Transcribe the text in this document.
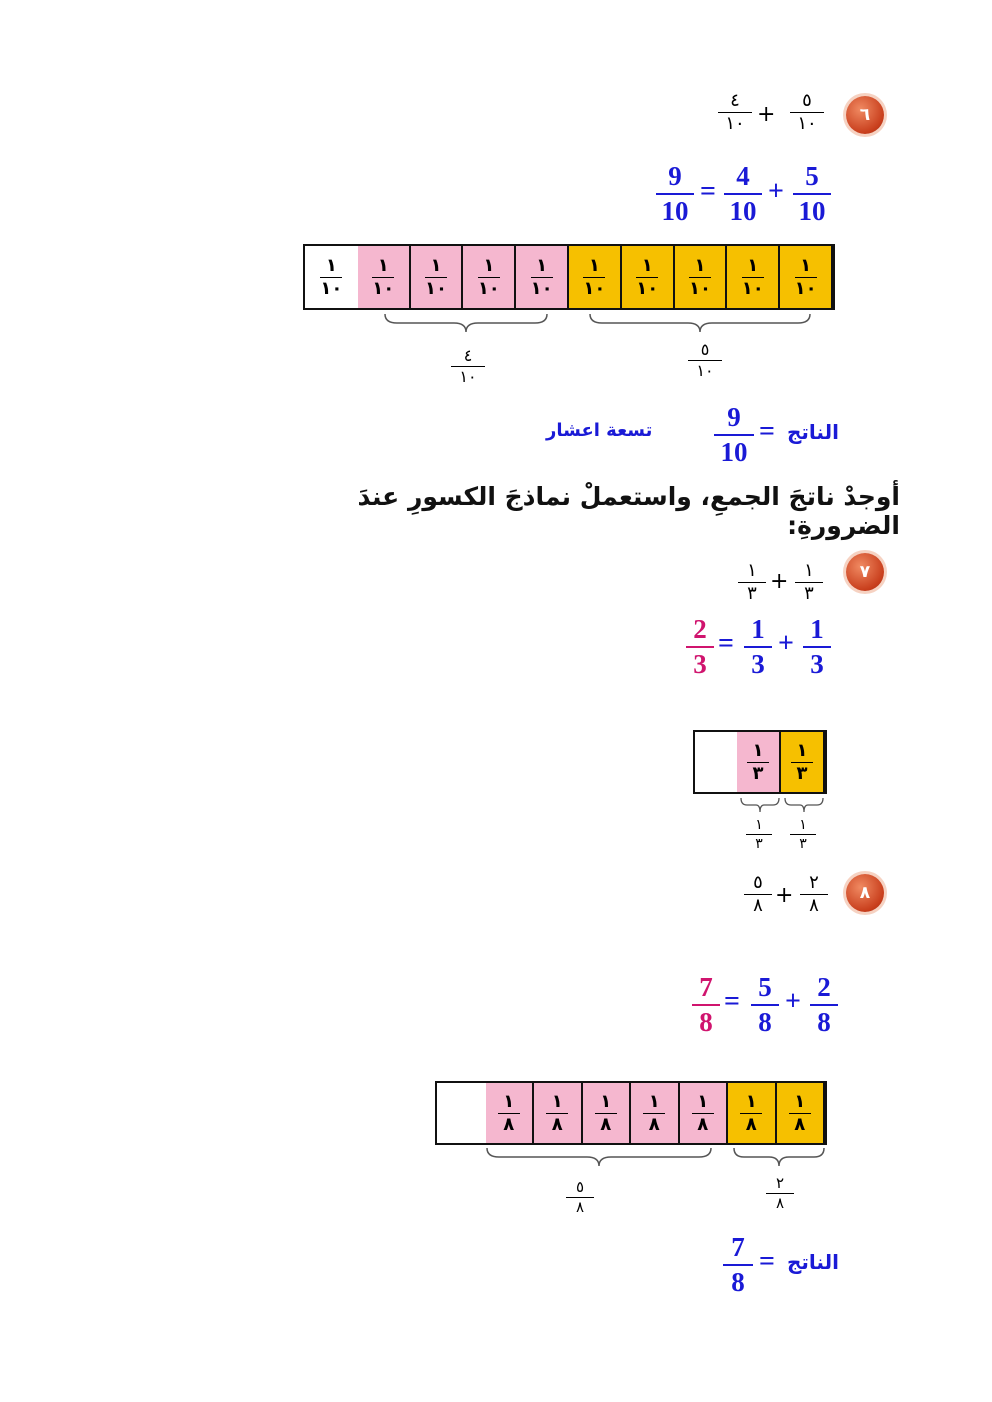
٦
٥
١٠
+
٤
١٠
5
10
+
4
10
=
9
10
$\frac{١}{١٠}$
$\frac{١}{١٠}$
$\frac{١}{١٠}$
$\frac{١}{١٠}$
$\frac{١}{١٠}$
$\frac{١}{١٠}$
$\frac{١}{١٠}$
$\frac{١}{١٠}$
$\frac{١}{١٠}$
$\frac{١}{١٠}$
٥
١٠
٤
١٠
الناتج
=
9
10
تسعة اعشار
أوجدْ ناتجَ الجمعِ، واستعملْ نماذجَ الكسورِ عندَ الضرورةِ:
٧
١
٣
+
١
٣
1
3
+
1
3
=
2
3
$\frac{١}{٣}$
$\frac{١}{٣}$
١
٣
١
٣
٨
٢
٨
+
٥
٨
2
8
+
5
8
=
7
8
$\frac{١}{٨}$
$\frac{١}{٨}$
$\frac{١}{٨}$
$\frac{١}{٨}$
$\frac{١}{٨}$
$\frac{١}{٨}$
$\frac{١}{٨}$
٢
٨
٥
٨
الناتج
=
7
8
